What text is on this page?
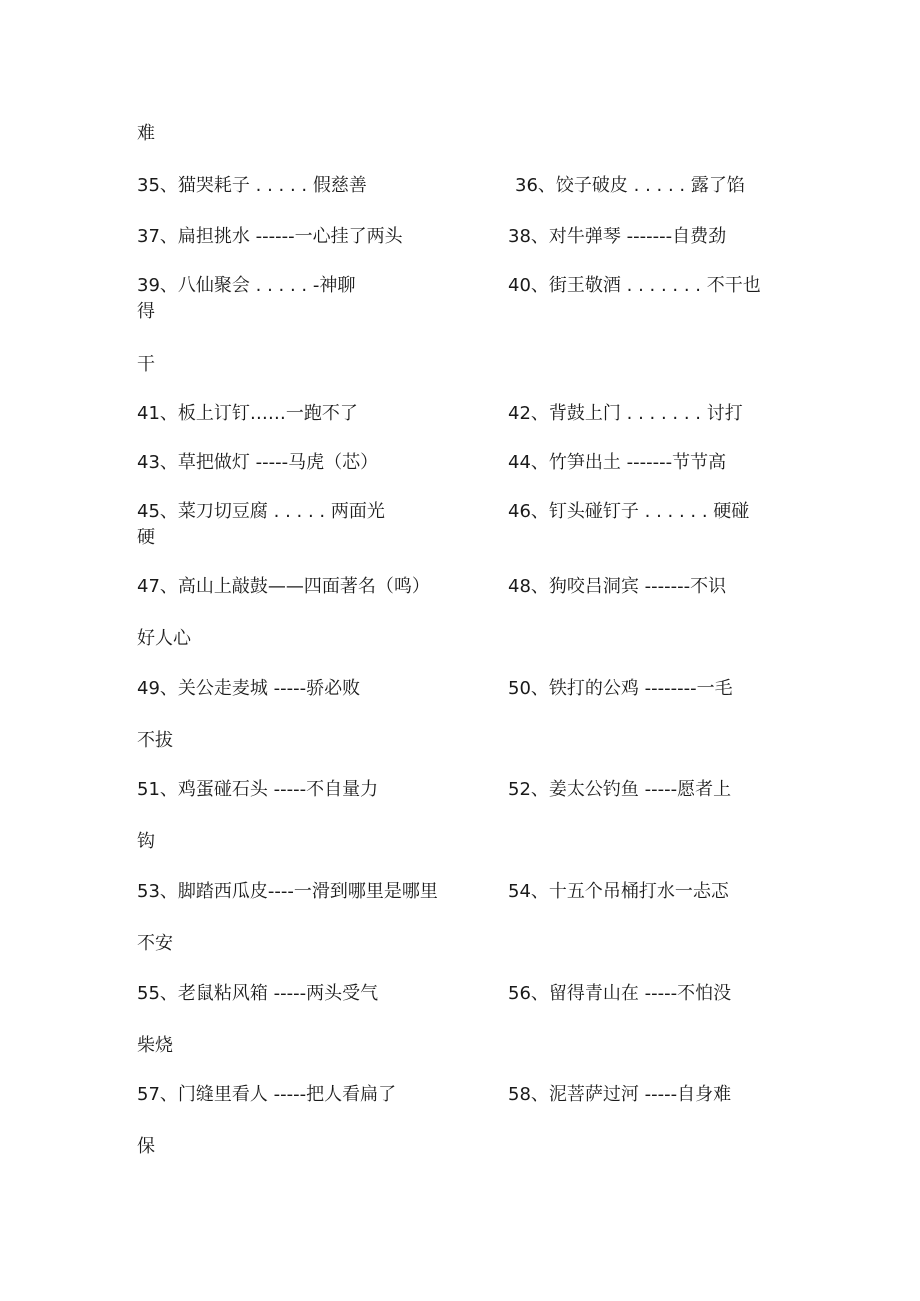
难
35、猫哭耗子 . . . . . 假慈善	36、饺子破皮 . . . . . 露了馅
37、扁担挑水 ------一心挂了两头	38、对牛弹琴 -------自费劲
39、八仙聚会 . . . . . -神聊	40、街王敬酒 . . . . . . . 不干也
得
干
41、板上订钉……一跑不了	42、背鼓上门 . . . . . . . 讨打
43、草把做灯 -----马虎（芯）	44、竹笋出土 -------节节高
45、菜刀切豆腐 . . . . . 两面光	46、钉头碰钉子 . . . . . . 硬碰
硬
47、高山上敲鼓——四面著名（鸣）	48、狗咬吕洞宾 -------不识
好人心
49、关公走麦城 -----骄必败	50、铁打的公鸡 --------一毛
不拔
51、鸡蛋碰石头 -----不自量力	52、姜太公钓鱼 -----愿者上
钩
53、脚踏西瓜皮----一滑到哪里是哪里	54、十五个吊桶打水一忐忑
不安
55、老鼠粘风箱 -----两头受气	56、留得青山在 -----不怕没
柴烧
57、门缝里看人 -----把人看扁了	58、泥菩萨过河 -----自身难
保
